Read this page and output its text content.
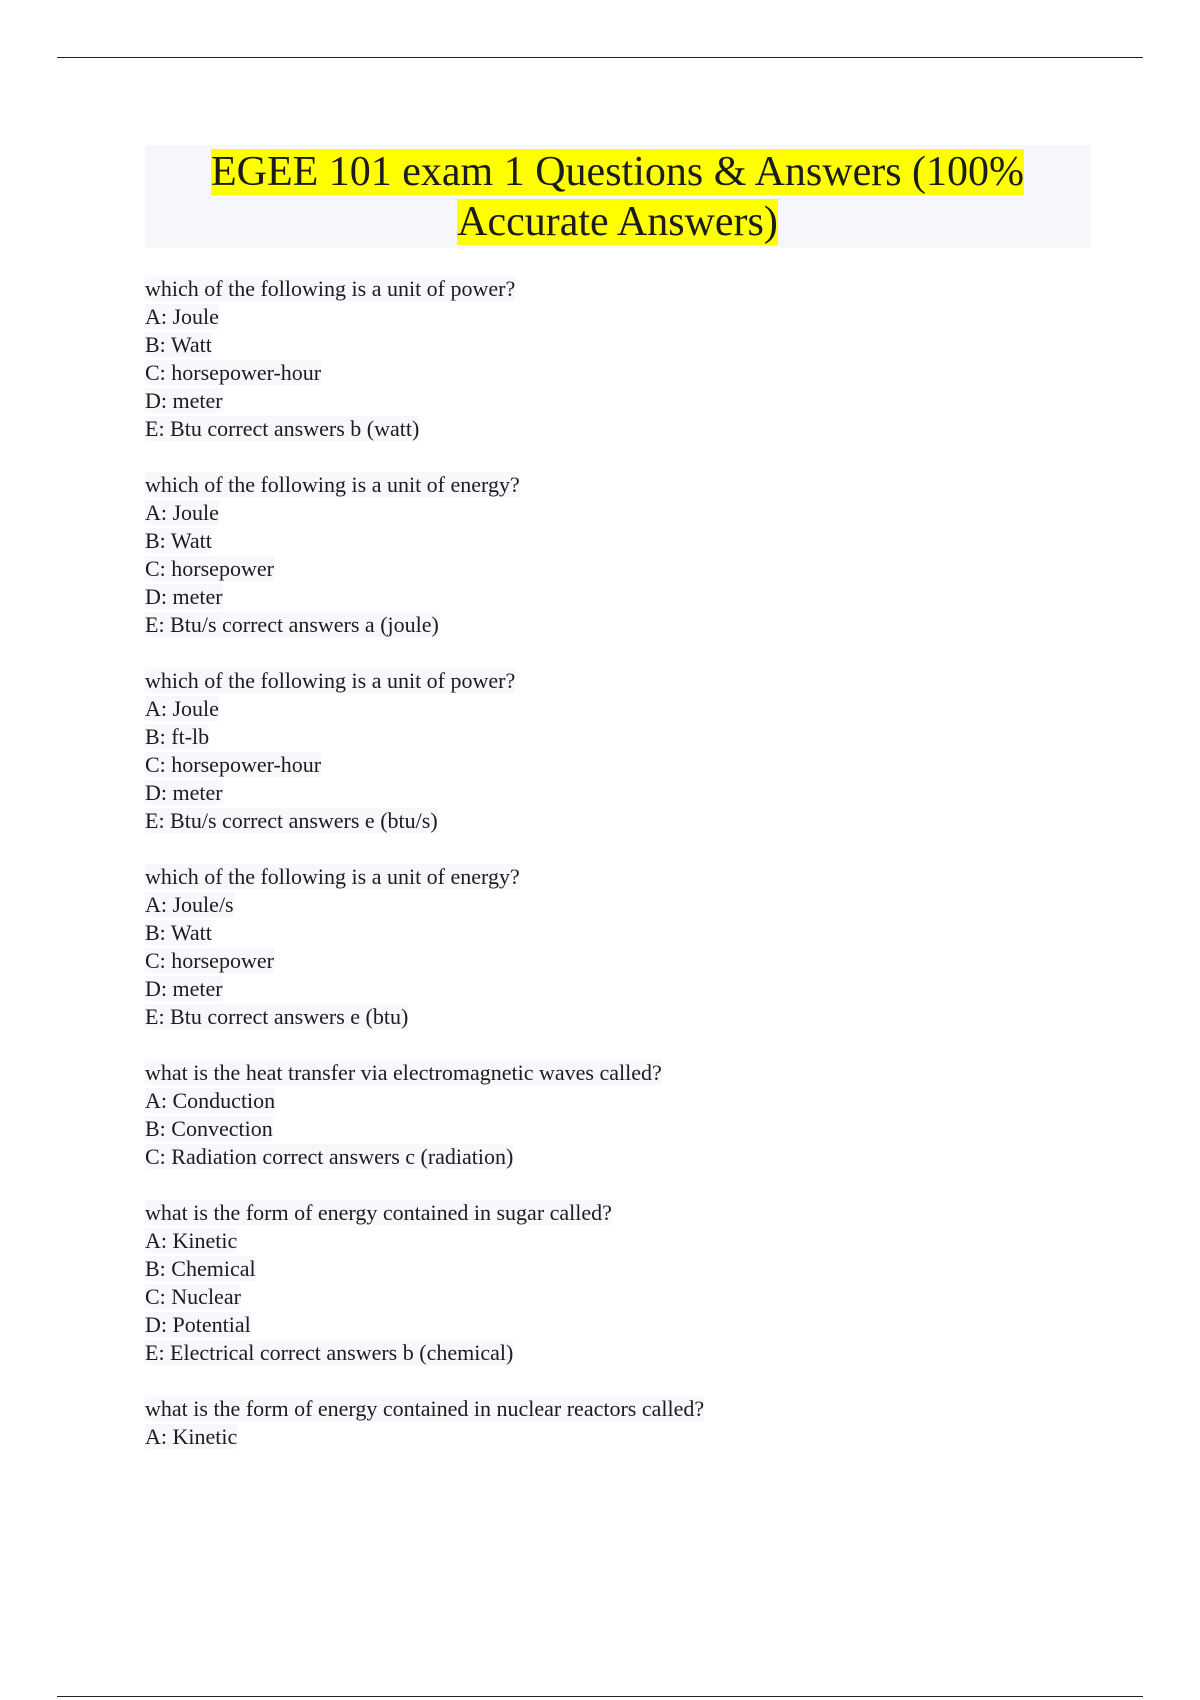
EGEE 101 exam 1 Questions & Answers (100%
Accurate Answers)
which of the following is a unit of power?
A: Joule
B: Watt
C: horsepower-hour
D: meter
E: Btu correct answers b (watt)
which of the following is a unit of energy?
A: Joule
B: Watt
C: horsepower
D: meter
E: Btu/s correct answers a (joule)
which of the following is a unit of power?
A: Joule
B: ft-lb
C: horsepower-hour
D: meter
E: Btu/s correct answers e (btu/s)
which of the following is a unit of energy?
A: Joule/s
B: Watt
C: horsepower
D: meter
E: Btu correct answers e (btu)
what is the heat transfer via electromagnetic waves called?
A: Conduction
B: Convection
C: Radiation correct answers c (radiation)
what is the form of energy contained in sugar called?
A: Kinetic
B: Chemical
C: Nuclear
D: Potential
E: Electrical correct answers b (chemical)
what is the form of energy contained in nuclear reactors called?
A: Kinetic
